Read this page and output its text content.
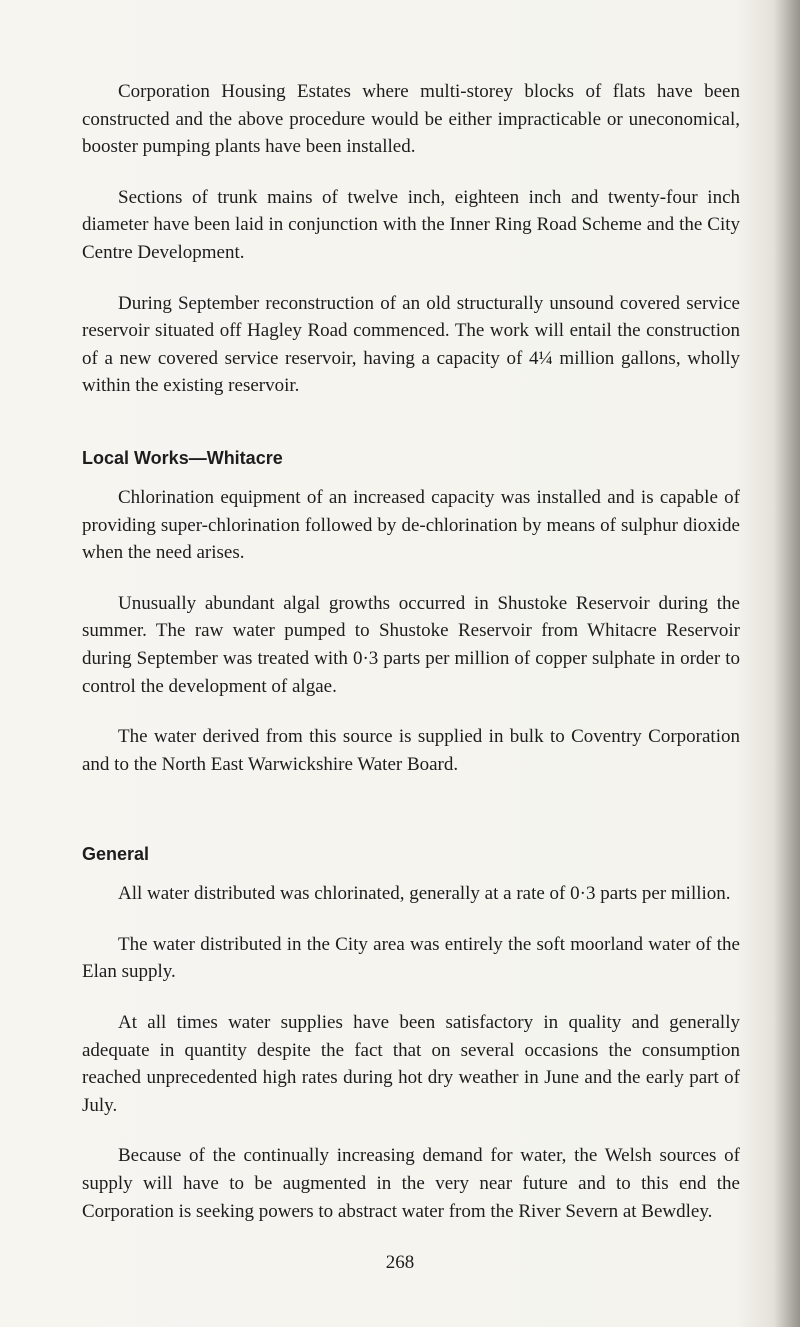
Corporation Housing Estates where multi-storey blocks of flats have been constructed and the above procedure would be either impracticable or uneconomical, booster pumping plants have been installed.

Sections of trunk mains of twelve inch, eighteen inch and twenty-four inch diameter have been laid in conjunction with the Inner Ring Road Scheme and the City Centre Development.

During September reconstruction of an old structurally unsound covered service reservoir situated off Hagley Road commenced. The work will entail the construction of a new covered service reservoir, having a capacity of 4¼ million gallons, wholly within the existing reservoir.

Local Works—Whitacre

Chlorination equipment of an increased capacity was installed and is capable of providing super-chlorination followed by de-chlorination by means of sulphur dioxide when the need arises.

Unusually abundant algal growths occurred in Shustoke Reservoir during the summer. The raw water pumped to Shustoke Reservoir from Whitacre Reservoir during September was treated with 0·3 parts per million of copper sulphate in order to control the development of algae.

The water derived from this source is supplied in bulk to Coventry Corporation and to the North East Warwickshire Water Board.

General

All water distributed was chlorinated, generally at a rate of 0·3 parts per million.

The water distributed in the City area was entirely the soft moorland water of the Elan supply.

At all times water supplies have been satisfactory in quality and generally adequate in quantity despite the fact that on several occasions the consumption reached unprecedented high rates during hot dry weather in June and the early part of July.

Because of the continually increasing demand for water, the Welsh sources of supply will have to be augmented in the very near future and to this end the Corporation is seeking powers to abstract water from the River Severn at Bewdley.

268
